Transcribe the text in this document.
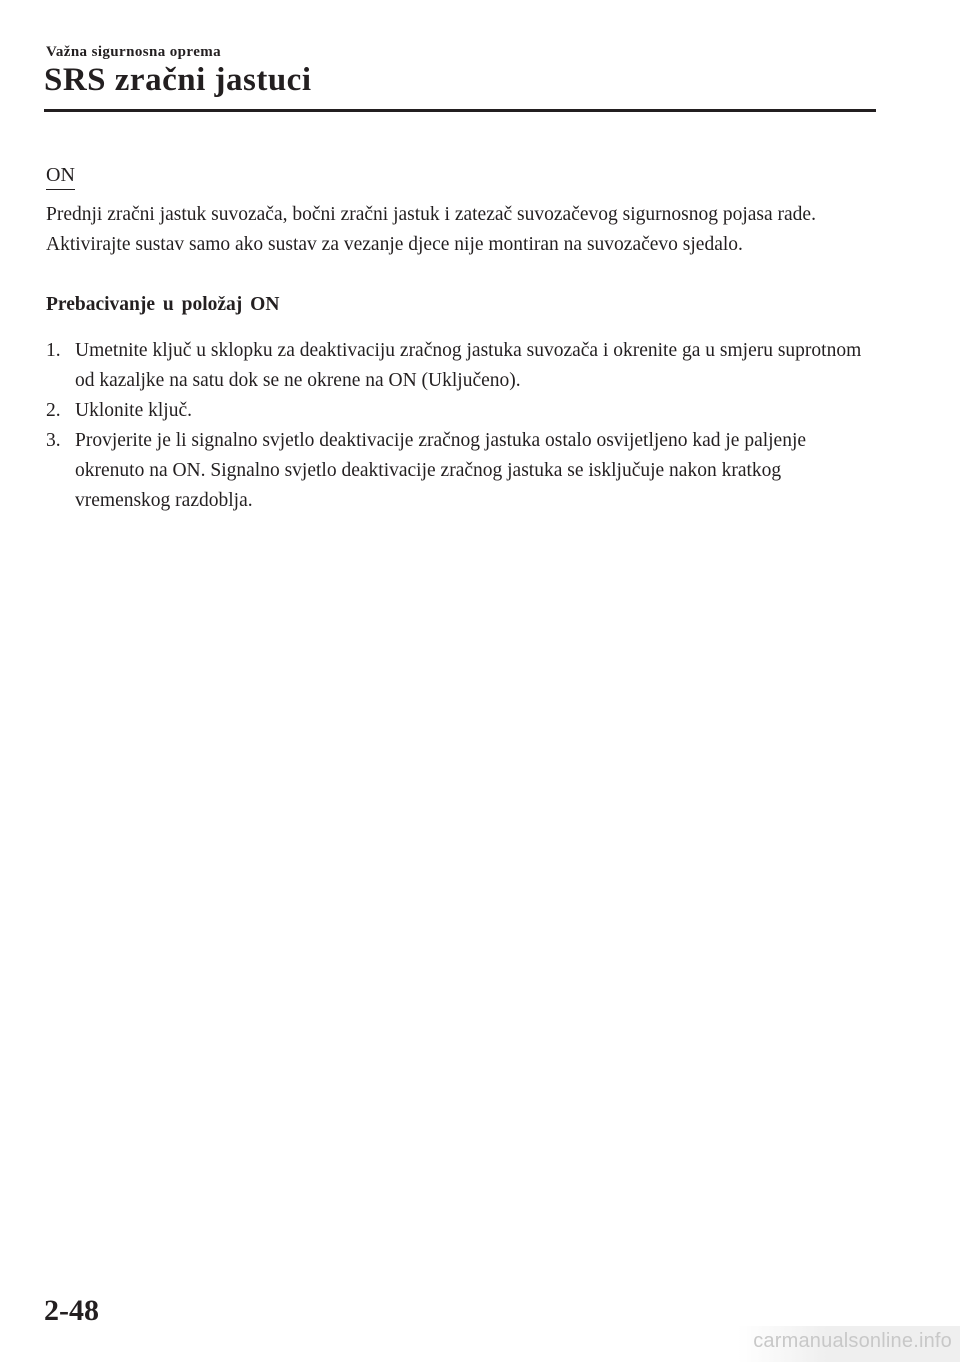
Važna sigurnosna oprema
SRS zračni jastuci
ON

Prednji zračni jastuk suvozača, bočni zračni jastuk i zatezač suvozačevog sigurnosnog pojasa rade. Aktivirajte sustav samo ako sustav za vezanje djece nije montiran na suvozačevo sjedalo.

Prebacivanje u položaj ON
1. Umetnite ključ u sklopku za deaktivaciju zračnog jastuka suvozača i okrenite ga u smjeru suprotnom od kazaljke na satu dok se ne okrene na ON (Uključeno).
2. Uklonite ključ.
3. Provjerite je li signalno svjetlo deaktivacije zračnog jastuka ostalo osvijetljeno kad je paljenje okrenuto na ON. Signalno svjetlo deaktivacije zračnog jastuka se isključuje nakon kratkog vremenskog razdoblja.
2-48
carmanualsonline.info
